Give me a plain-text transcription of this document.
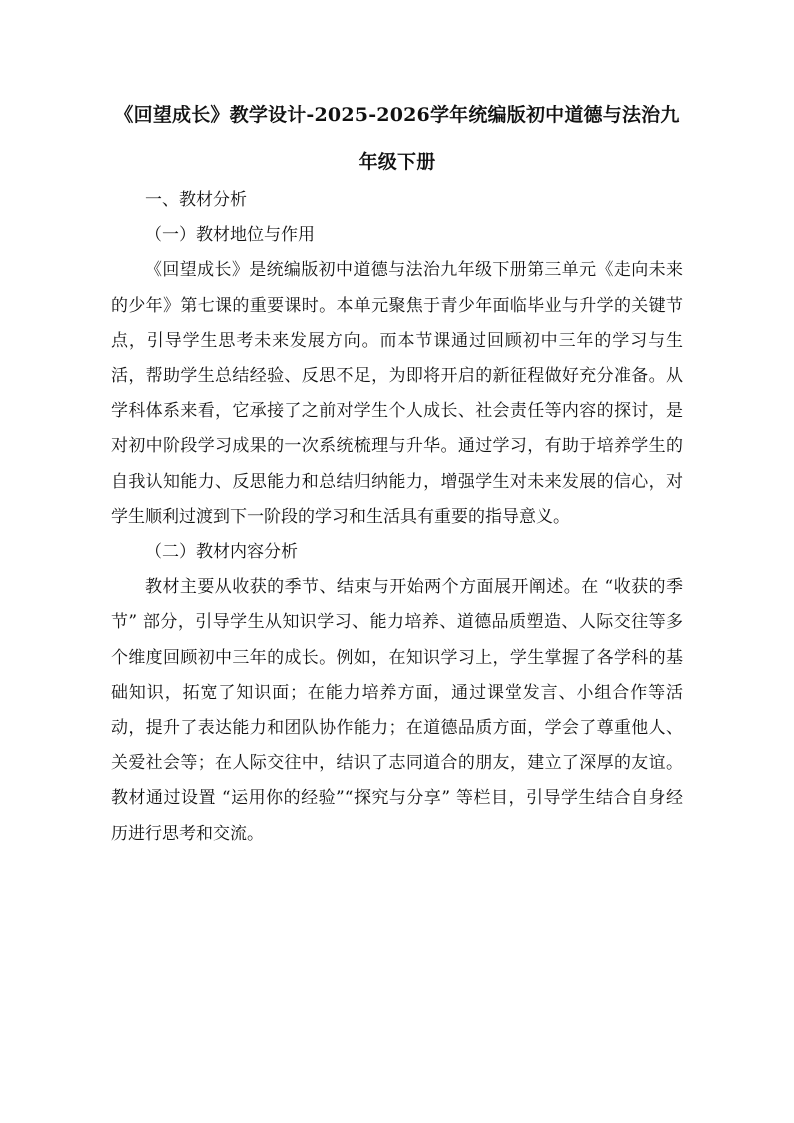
《回望成长》教学设计-2025-2026学年统编版初中道德与法治九年级下册

一、教材分析

（一）教材地位与作用

《回望成长》是统编版初中道德与法治九年级下册第三单元《走向未来的少年》第七课的重要课时。本单元聚焦于青少年面临毕业与升学的关键节点，引导学生思考未来发展方向。而本节课通过回顾初中三年的学习与生活，帮助学生总结经验、反思不足，为即将开启的新征程做好充分准备。从学科体系来看，它承接了之前对学生个人成长、社会责任等内容的探讨，是对初中阶段学习成果的一次系统梳理与升华。通过学习，有助于培养学生的自我认知能力、反思能力和总结归纳能力，增强学生对未来发展的信心，对学生顺利过渡到下一阶段的学习和生活具有重要的指导意义。

（二）教材内容分析

教材主要从收获的季节、结束与开始两个方面展开阐述。在 “收获的季节” 部分，引导学生从知识学习、能力培养、道德品质塑造、人际交往等多个维度回顾初中三年的成长。例如，在知识学习上，学生掌握了各学科的基础知识，拓宽了知识面；在能力培养方面，通过课堂发言、小组合作等活动，提升了表达能力和团队协作能力；在道德品质方面，学会了尊重他人、关爱社会等；在人际交往中，结识了志同道合的朋友，建立了深厚的友谊。教材通过设置 “运用你的经验”“探究与分享” 等栏目，引导学生结合自身经历进行思考和交流。
